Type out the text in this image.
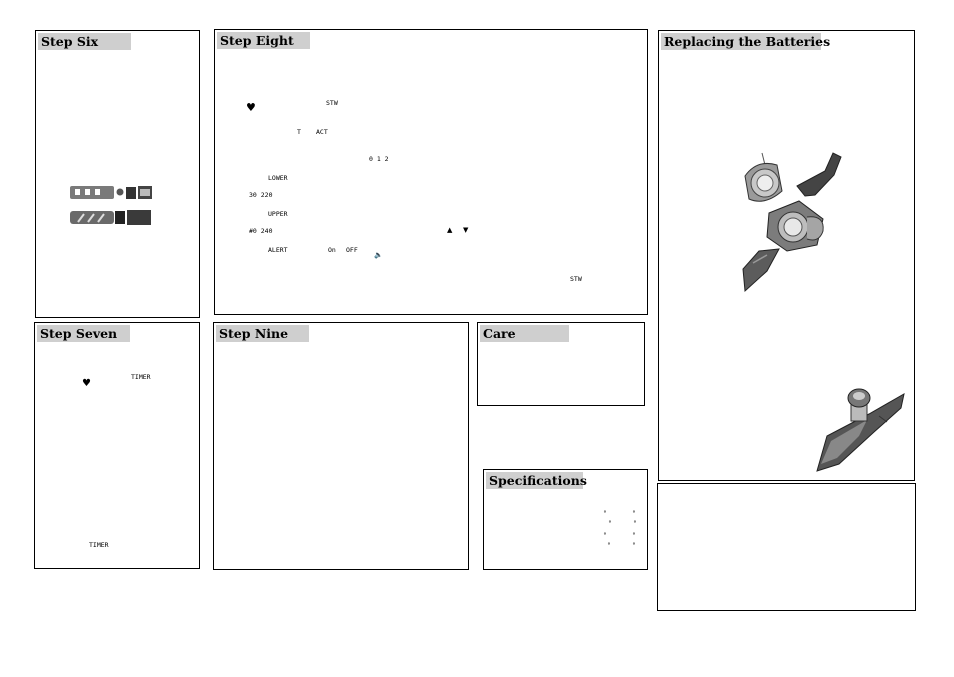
Step Six	Step Eight
STW
♥
T ACT
0 1 2
LOWER
30 220
UPPER
#0 240	▲ ▼
ALERT	On OFF
🔈
STW
Step Seven
♥
TIMER
TIMER
Step Nine	Care
Specifications
°	°
°	°
°	°
°	°
Replacing the Batteries
